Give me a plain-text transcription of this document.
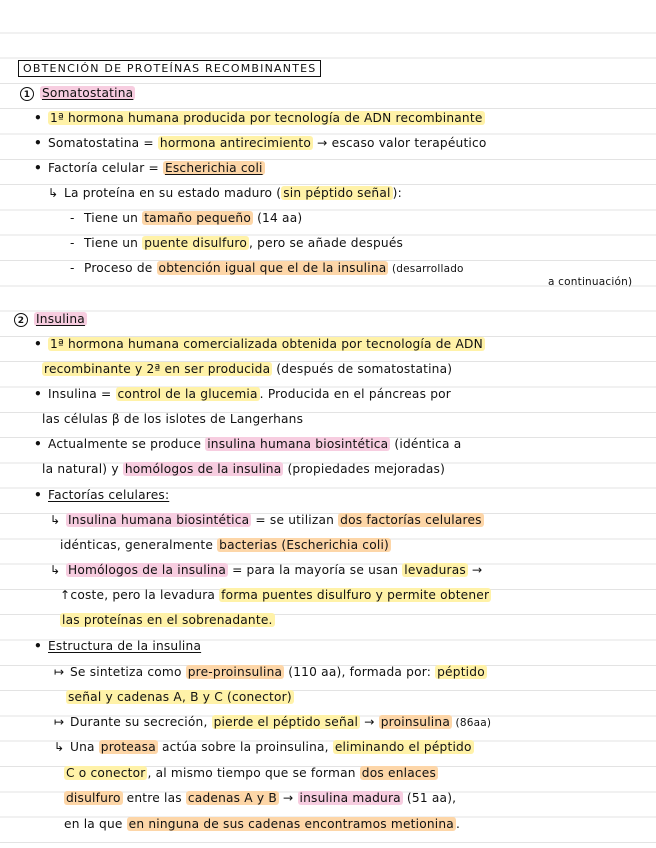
OBTENCIÓN DE PROTEÍNAS RECOMBINANTES
1 Somatostatina
• 1ª hormona humana producida por tecnología de ADN recombinante
• Somatostatina = hormona antirecimiento → escaso valor terapéutico
• Factoría celular = Escherichia coli
↳ La proteína en su estado maduro ( sin péptido señal ):
- Tiene un tamaño pequeño (14 aa)
- Tiene un puente disulfuro , pero se añade después
- Proceso de obtención igual que el de la insulina (desarrollado
a continuación)
2 Insulina
• 1ª hormona humana comercializada obtenida por tecnología de ADN
recombinante y 2ª en ser producida (después de somatostatina)
• Insulina = control de la glucemia . Producida en el páncreas por
las células β de los islotes de Langerhans
• Actualmente se produce insulina humana biosintética (idéntica a
la natural) y homólogos de la insulina (propiedades mejoradas)
• Factorías celulares:
↳ Insulina humana biosintética = se utilizan dos factorías celulares
idénticas, generalmente bacterias (Escherichia coli)
↳ Homólogos de la insulina = para la mayoría se usan levaduras →
↑coste, pero la levadura forma puentes disulfuro y permite obtener
las proteínas en el sobrenadante.
• Estructura de la insulina
↦ Se sintetiza como pre-proinsulina (110 aa), formada por: péptido
señal y cadenas A, B y C (conector)
↦ Durante su secreción, pierde el péptido señal → proinsulina (86aa)
↳ Una proteasa actúa sobre la proinsulina, eliminando el péptido
C o conector , al mismo tiempo que se forman dos enlaces
disulfuro entre las cadenas A y B → insulina madura (51 aa),
en la que en ninguna de sus cadenas encontramos metionina .
